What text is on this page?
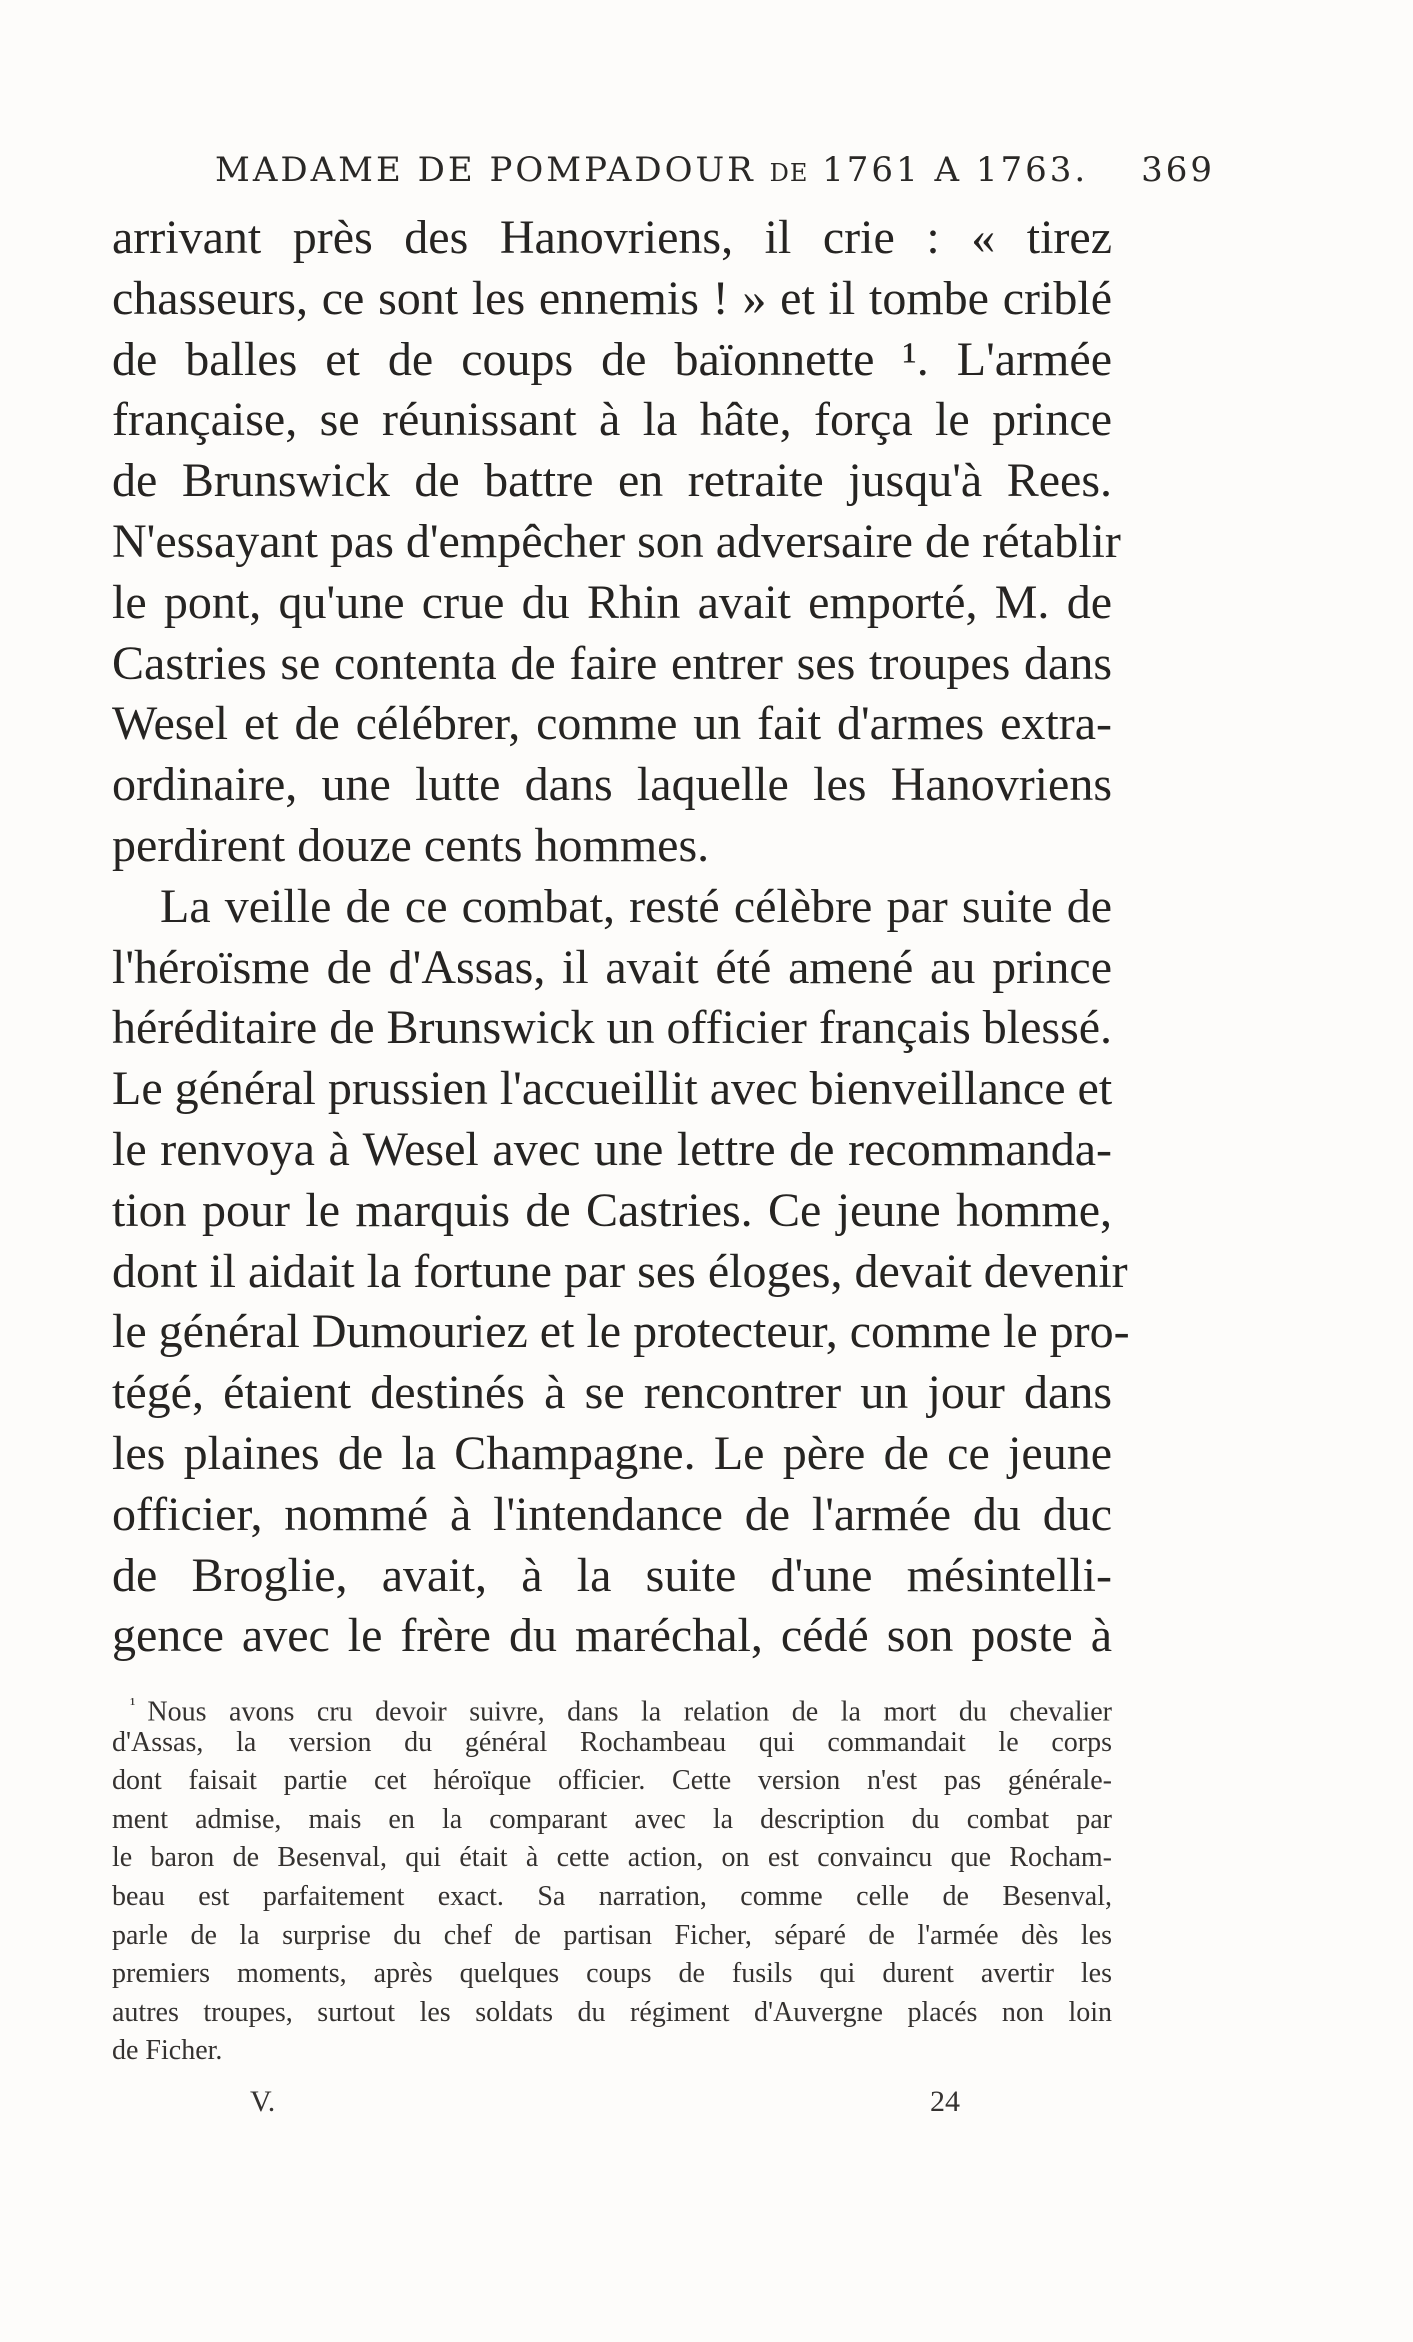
MADAME DE POMPADOUR DE 1761 A 1763. 369
arrivant près des Hanovriens, il crie : « tirez
chasseurs, ce sont les ennemis ! » et il tombe criblé
de balles et de coups de baïonnette ¹. L'armée
française, se réunissant à la hâte, força le prince
de Brunswick de battre en retraite jusqu'à Rees.
N'essayant pas d'empêcher son adversaire de rétablir
le pont, qu'une crue du Rhin avait emporté, M. de
Castries se contenta de faire entrer ses troupes dans
Wesel et de célébrer, comme un fait d'armes extra-
ordinaire, une lutte dans laquelle les Hanovriens
perdirent douze cents hommes.
La veille de ce combat, resté célèbre par suite de
l'héroïsme de d'Assas, il avait été amené au prince
héréditaire de Brunswick un officier français blessé.
Le général prussien l'accueillit avec bienveillance et
le renvoya à Wesel avec une lettre de recommanda-
tion pour le marquis de Castries. Ce jeune homme,
dont il aidait la fortune par ses éloges, devait devenir
le général Dumouriez et le protecteur, comme le pro-
tégé, étaient destinés à se rencontrer un jour dans
les plaines de la Champagne. Le père de ce jeune
officier, nommé à l'intendance de l'armée du duc
de Broglie, avait, à la suite d'une mésintelli-
gence avec le frère du maréchal, cédé son poste à
$^{^1}$ Nous avons cru devoir suivre, dans la relation de la mort du chevalier
d'Assas, la version du général Rochambeau qui commandait le corps
dont faisait partie cet héroïque officier. Cette version n'est pas générale-
ment admise, mais en la comparant avec la description du combat par
le baron de Besenval, qui était à cette action, on est convaincu que Rocham-
beau est parfaitement exact. Sa narration, comme celle de Besenval,
parle de la surprise du chef de partisan Ficher, séparé de l'armée dès les
premiers moments, après quelques coups de fusils qui durent avertir les
autres troupes, surtout les soldats du régiment d'Auvergne placés non loin
de Ficher.
V.	24
